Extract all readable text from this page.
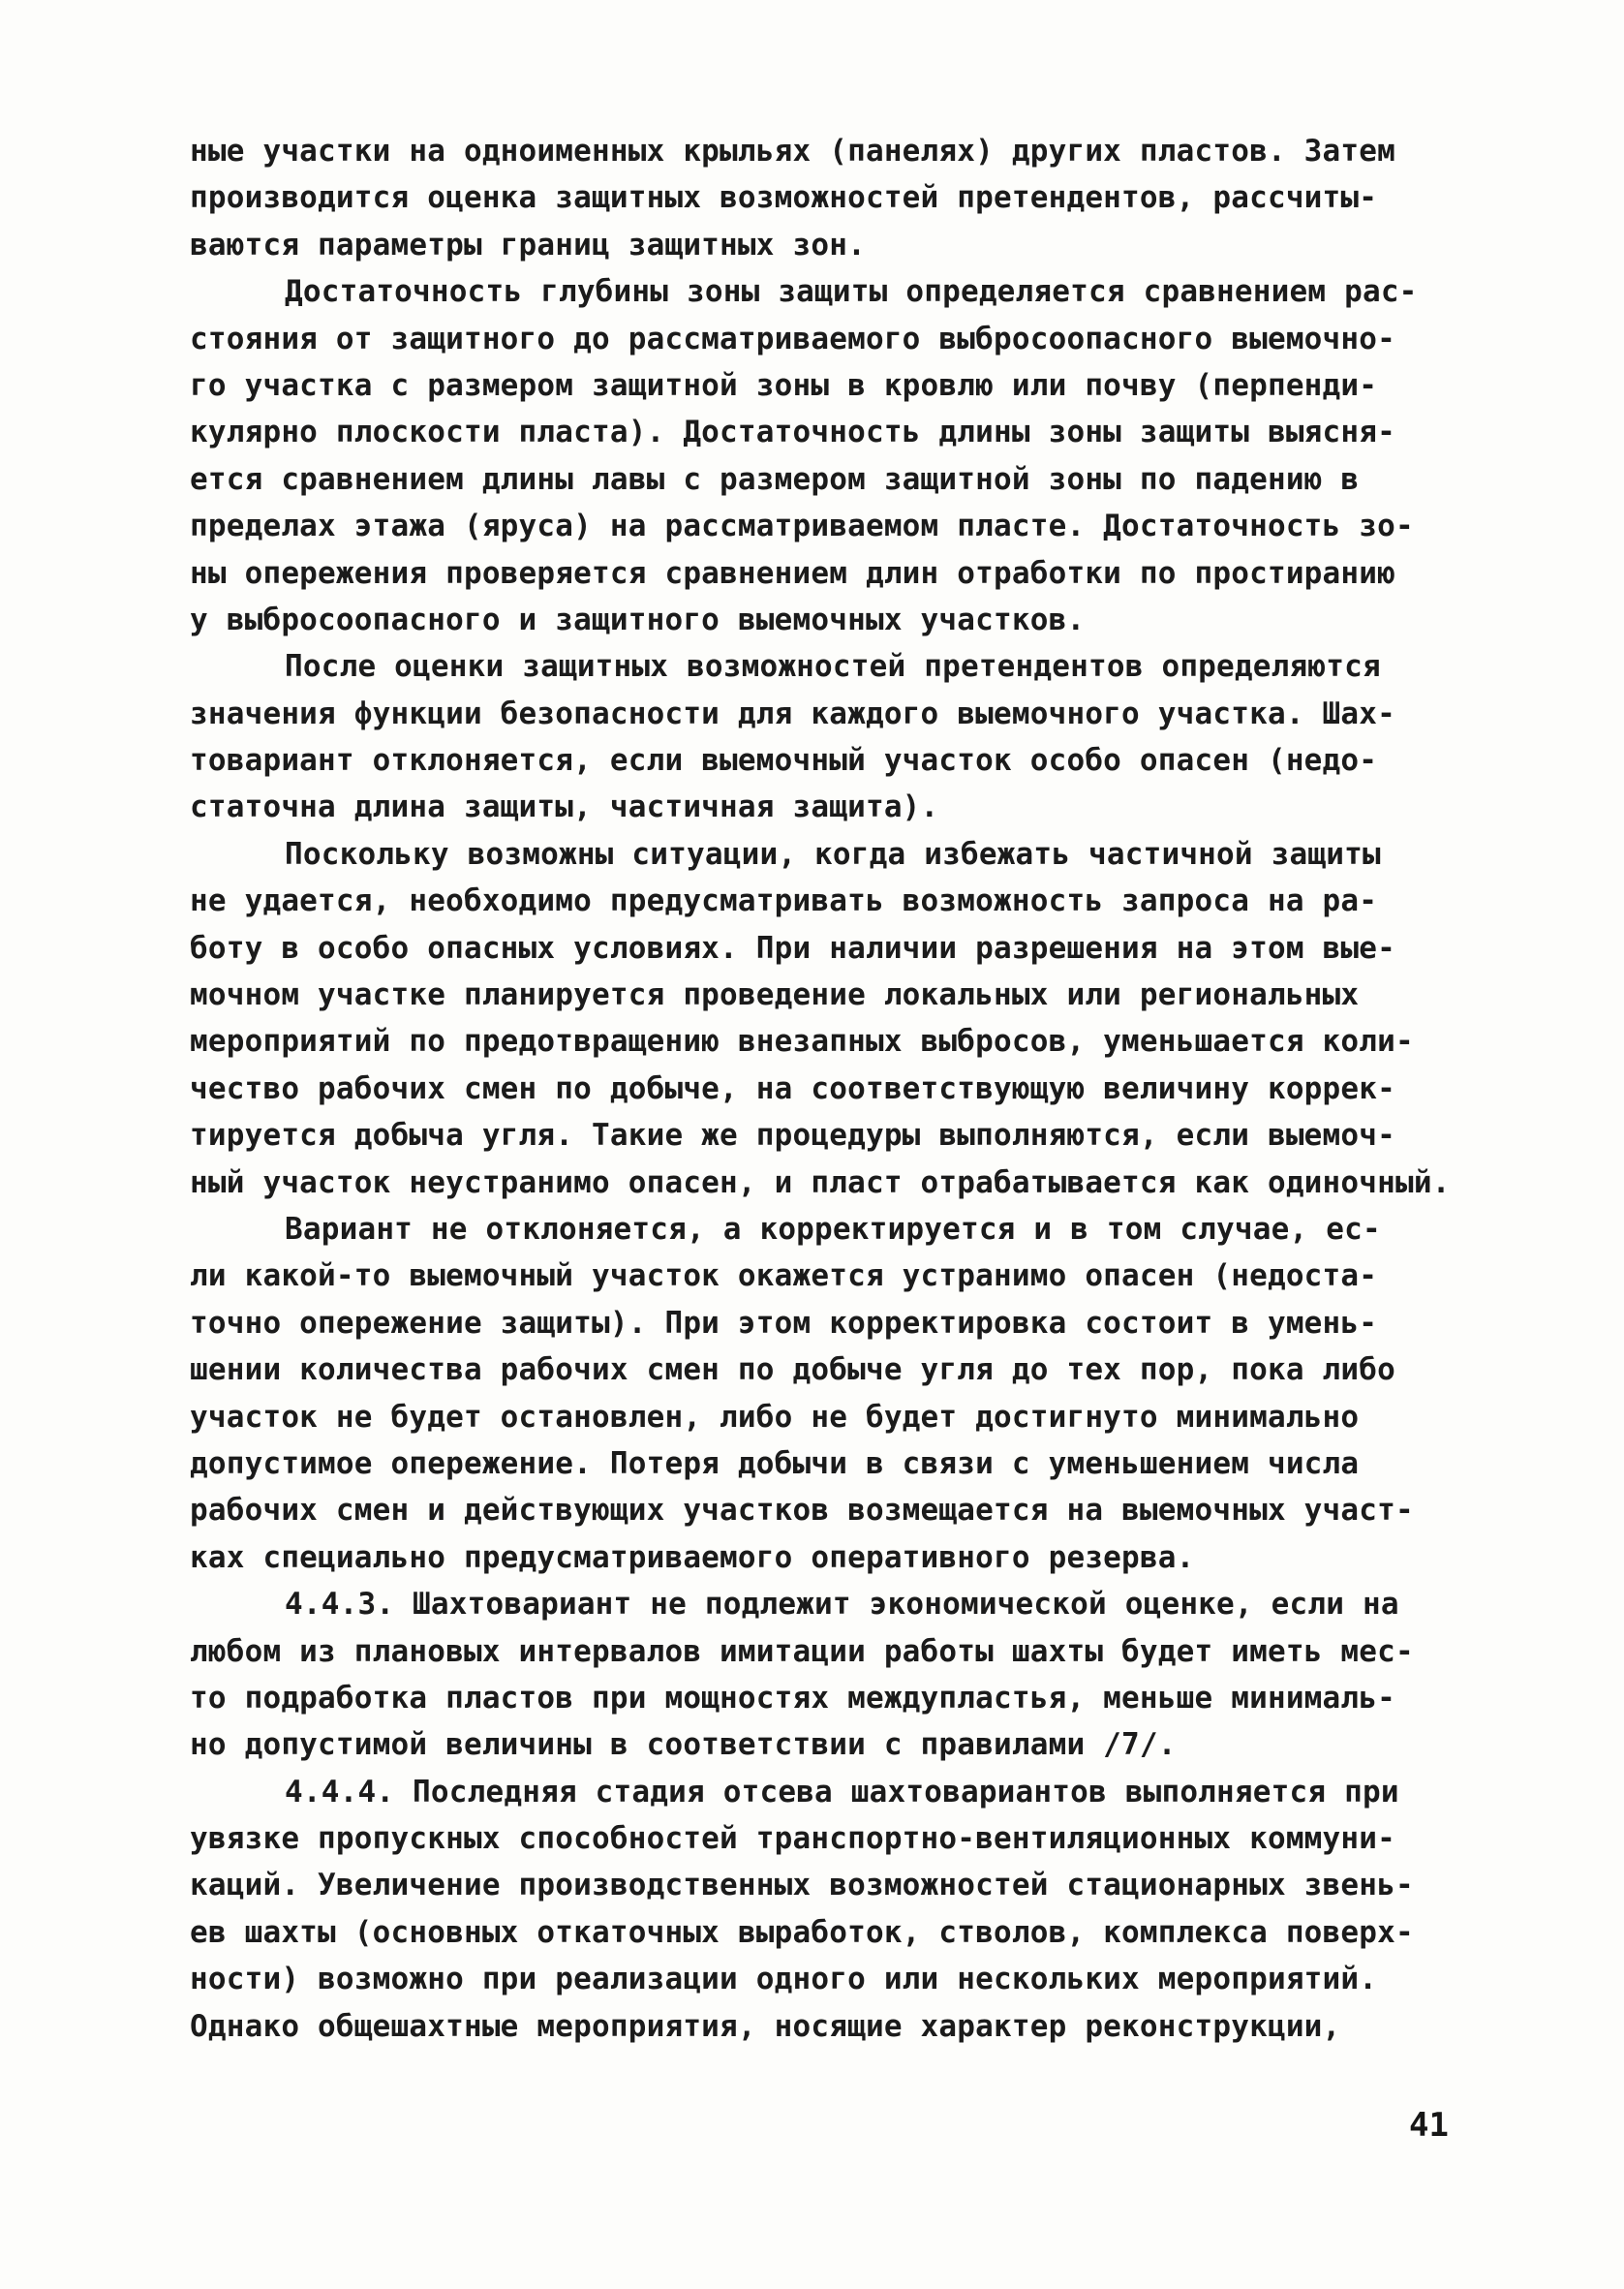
ные участки на одноименных крыльях (панелях) других пластов. Затем
производится оценка защитных возможностей претендентов, рассчиты-
ваются параметры границ защитных зон.
Достаточность глубины зоны защиты определяется сравнением рас-
стояния от защитного до рассматриваемого выбросоопасного выемочно-
го участка с размером защитной зоны в кровлю или почву (перпенди-
кулярно плоскости пласта). Достаточность длины зоны защиты выясня-
ется сравнением длины лавы с размером защитной зоны по падению в
пределах этажа (яруса) на рассматриваемом пласте. Достаточность зо-
ны опережения проверяется сравнением длин отработки по простиранию
у выбросоопасного и защитного выемочных участков.
После оценки защитных возможностей претендентов определяются
значения функции безопасности для каждого выемочного участка. Шах-
товариант отклоняется, если выемочный участок особо опасен (недо-
статочна длина защиты, частичная защита).
Поскольку возможны ситуации, когда избежать частичной защиты
не удается, необходимо предусматривать возможность запроса на ра-
боту в особо опасных условиях. При наличии разрешения на этом вые-
мочном участке планируется проведение локальных или региональных
мероприятий по предотвращению внезапных выбросов, уменьшается коли-
чество рабочих смен по добыче, на соответствующую величину коррек-
тируется добыча угля. Такие же процедуры выполняются, если выемоч-
ный участок неустранимо опасен, и пласт отрабатывается как одиночный.
Вариант не отклоняется, а корректируется и в том случае, ес-
ли какой-то выемочный участок окажется устранимо опасен (недоста-
точно опережение защиты). При этом корректировка состоит в умень-
шении количества рабочих смен по добыче угля до тех пор, пока либо
участок не будет остановлен, либо не будет достигнуто минимально
допустимое опережение. Потеря добычи в связи с уменьшением числа
рабочих смен и действующих участков возмещается на выемочных участ-
ках специально предусматриваемого оперативного резерва.
4.4.3. Шахтовариант не подлежит экономической оценке, если на
любом из плановых интервалов имитации работы шахты будет иметь мес-
то подработка пластов при мощностях междупластья, меньше минималь-
но допустимой величины в соответствии с правилами /7/.
4.4.4. Последняя стадия отсева шахтовариантов выполняется при
увязке пропускных способностей транспортно-вентиляционных коммуни-
каций. Увеличение производственных возможностей стационарных звень-
ев шахты (основных откаточных выработок, стволов, комплекса поверх-
ности) возможно при реализации одного или нескольких мероприятий.
Однако общешахтные мероприятия, носящие характер реконструкции,
41
